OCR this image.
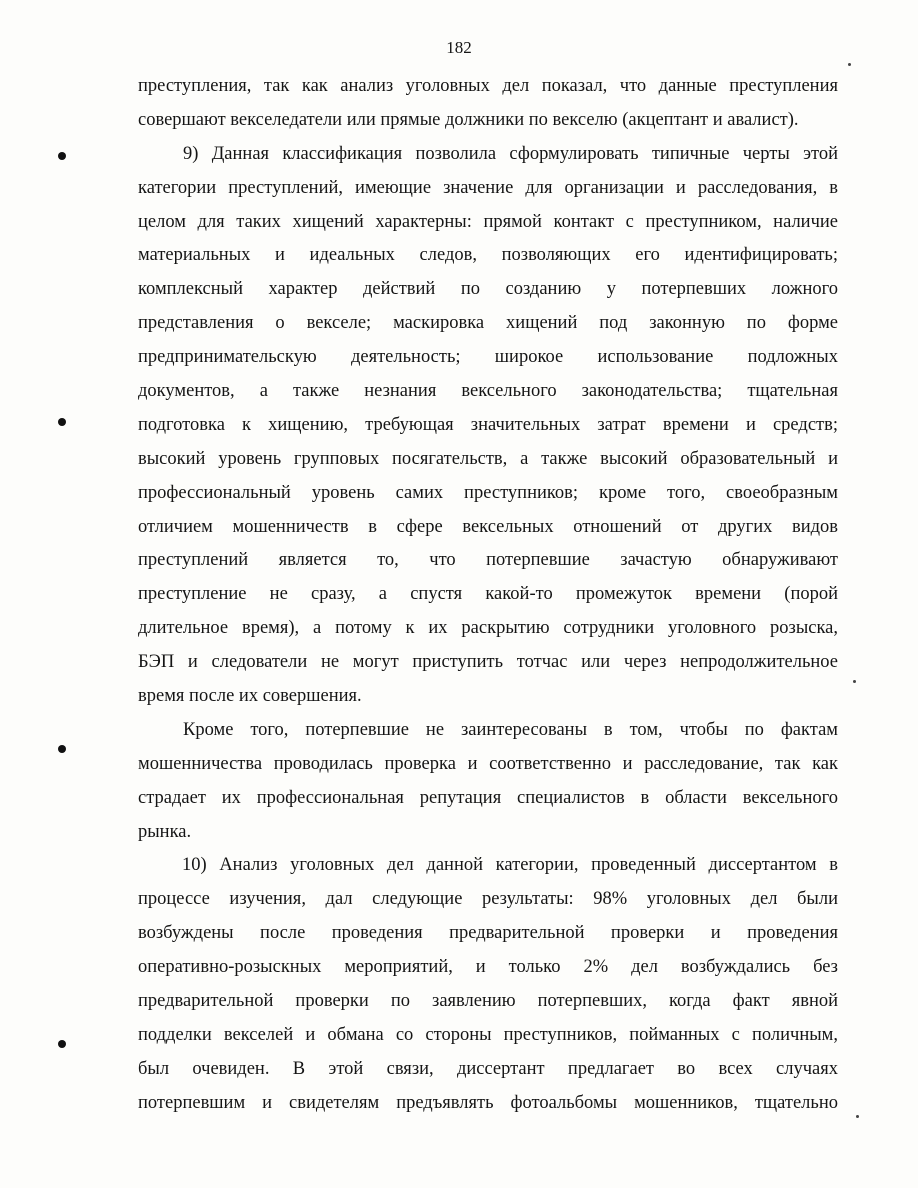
182
преступления, так как анализ уголовных дел показал, что данные преступления
совершают векселедатели или прямые должники по векселю (акцептант и авалист).
9) Данная классификация позволила сформулировать типичные черты этой
категории преступлений, имеющие значение для организации и расследования, в
целом для таких хищений характерны: прямой контакт с преступником, наличие
материальных и идеальных следов, позволяющих его идентифицировать;
комплексный характер действий по созданию у потерпевших ложного
представления о векселе; маскировка хищений под законную по форме
предпринимательскую деятельность; широкое использование подложных
документов, а также незнания вексельного законодательства; тщательная
подготовка к хищению, требующая значительных затрат времени и средств;
высокий уровень групповых посягательств, а также высокий образовательный и
профессиональный уровень самих преступников; кроме того, своеобразным
отличием мошенничеств в сфере вексельных отношений от других видов
преступлений является то, что потерпевшие зачастую обнаруживают
преступление не сразу, а спустя какой-то промежуток времени (порой
длительное время), а потому к их раскрытию сотрудники уголовного розыска,
БЭП и следователи не могут приступить тотчас или через непродолжительное
время после их совершения.
Кроме того, потерпевшие не заинтересованы в том, чтобы по фактам
мошенничества проводилась проверка и соответственно и расследование, так как
страдает их профессиональная репутация специалистов в области вексельного
рынка.
10) Анализ уголовных дел данной категории, проведенный диссертантом в
процессе изучения, дал следующие результаты: 98% уголовных дел были
возбуждены после проведения предварительной проверки и проведения
оперативно-розыскных мероприятий, и только 2% дел возбуждались без
предварительной проверки по заявлению потерпевших, когда факт явной
подделки векселей и обмана со стороны преступников, пойманных с поличным,
был очевиден. В этой связи, диссертант предлагает во всех случаях
потерпевшим и свидетелям предъявлять фотоальбомы мошенников, тщательно
